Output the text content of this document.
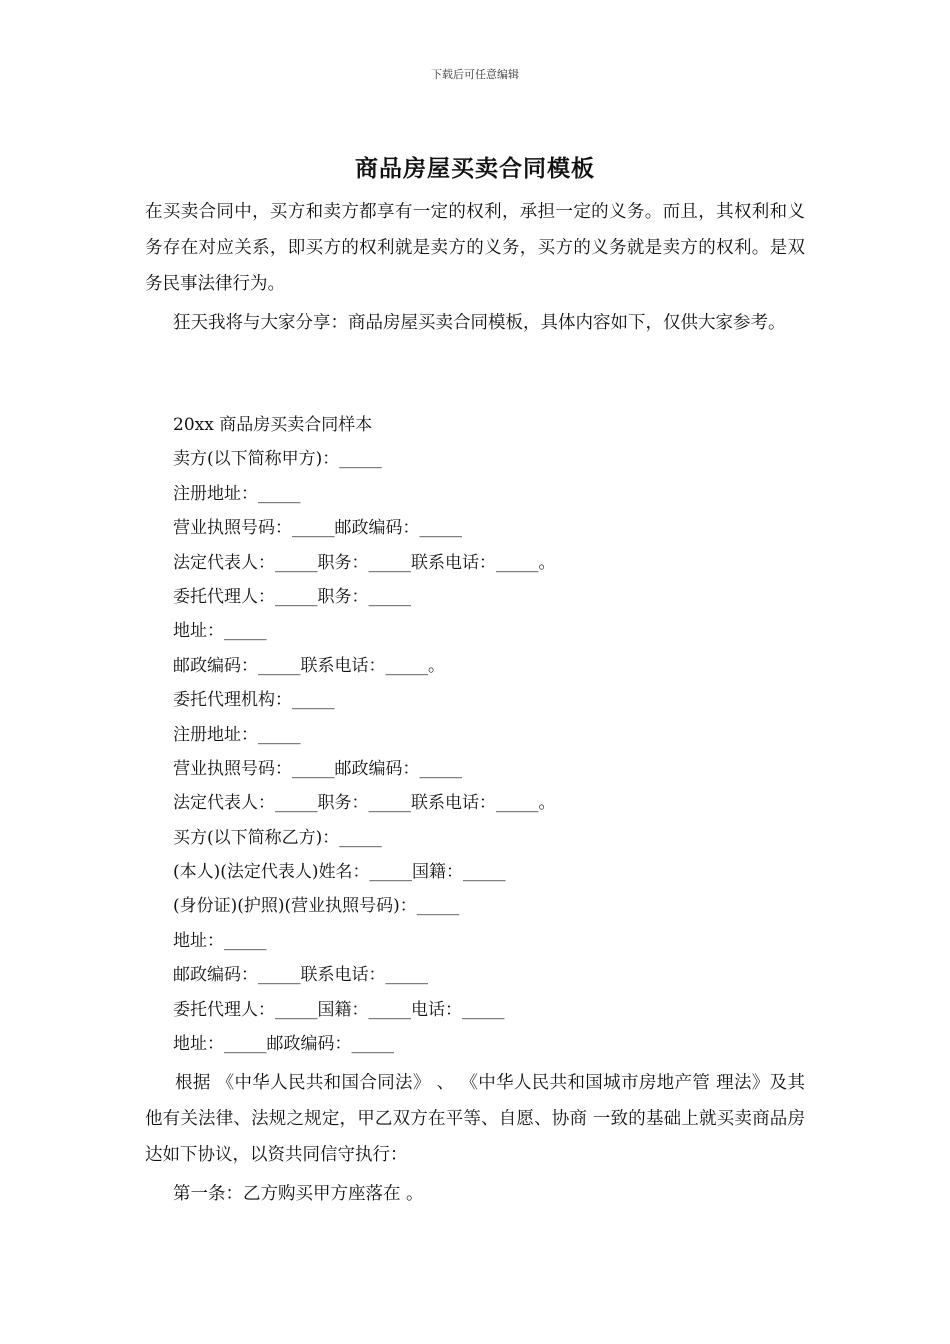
下载后可任意编辑
商品房屋买卖合同模板

在买卖合同中，买方和卖方都享有一定的权利，承担一定的义务。而且，其权利和义务存在对应关系，即买方的权利就是卖方的义务，买方的义务就是卖方的权利。是双务民事法律行为。

狂天我将与大家分享：商品房屋买卖合同模板，具体内容如下，仅供大家参考。

20xx 商品房买卖合同样本
卖方(以下简称甲方)：_____
注册地址：_____
营业执照号码：_____邮政编码：_____
法定代表人：_____职务：_____联系电话：_____。
委托代理人：_____职务：_____
地址：_____
邮政编码：_____联系电话：_____。
委托代理机构：_____
注册地址：_____
营业执照号码：_____邮政编码：_____
法定代表人：_____职务：_____联系电话：_____。
买方(以下简称乙方)：_____
(本人)(法定代表人)姓名：_____国籍：_____
(身份证)(护照)(营业执照号码)：_____
地址：_____
邮政编码：_____联系电话：_____
委托代理人：_____国籍：_____电话：_____
地址：_____邮政编码：_____

根据 《中华人民共和国合同法》 、 《中华人民共和国城市房地产管 理法》及其他有关法律、法规之规定，甲乙双方在平等、自愿、协商 一致的基础上就买卖商品房达如下协议，以资共同信守执行：

第一条：乙方购买甲方座落在 。
